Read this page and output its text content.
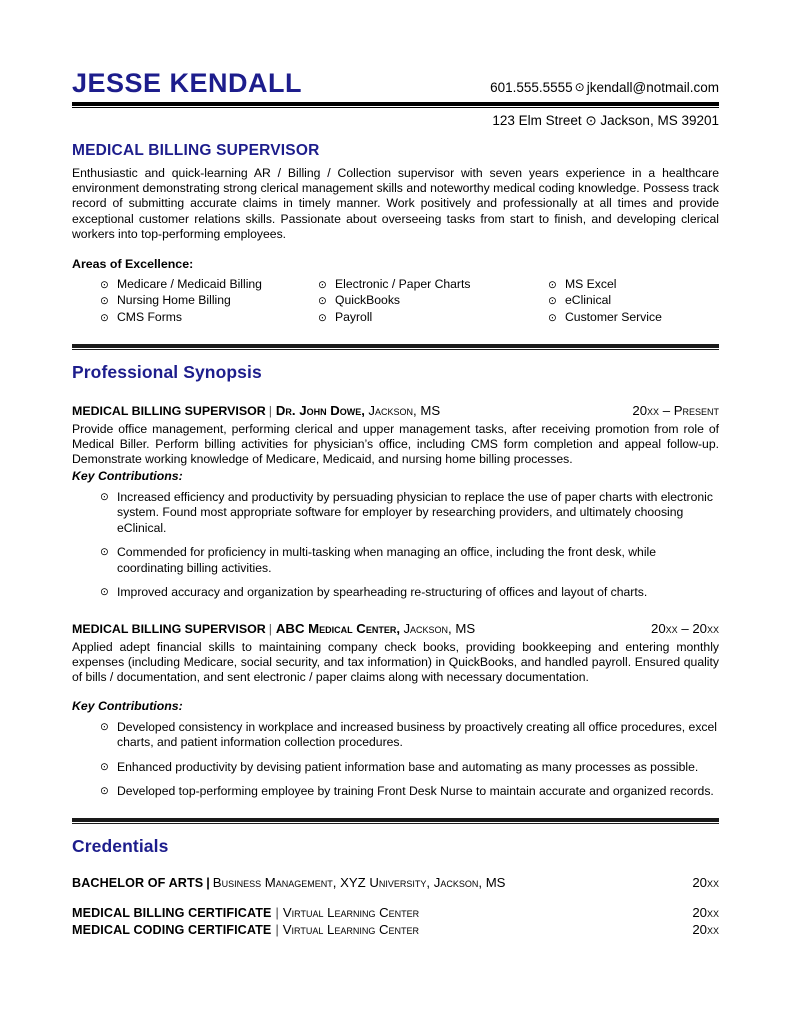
JESSE KENDALL	601.555.5555 ⊙ jkendall@notmail.com
123 Elm Street ⊙ Jackson, MS 39201
MEDICAL BILLING SUPERVISOR
Enthusiastic and quick-learning AR / Billing / Collection supervisor with seven years experience in a healthcare environment demonstrating strong clerical management skills and noteworthy medical coding knowledge. Possess track record of submitting accurate claims in timely manner. Work positively and professionally at all times and provide exceptional customer relations skills. Passionate about overseeing tasks from start to finish, and developing clerical workers into top-performing employees.
Areas of Excellence:
⊙ Medicare / Medicaid Billing	⊙ Electronic / Paper Charts	⊙ MS Excel
⊙ Nursing Home Billing	⊙ QuickBooks	⊙ eClinical
⊙ CMS Forms	⊙ Payroll	⊙ Customer Service
Professional Synopsis
MEDICAL BILLING SUPERVISOR | Dr. John Dowe, Jackson, MS	20xx – Present
Provide office management, performing clerical and upper management tasks, after receiving promotion from role of Medical Biller. Perform billing activities for physician’s office, including CMS form completion and appeal follow-up. Demonstrate working knowledge of Medicare, Medicaid, and nursing home billing processes.
Key Contributions:
⊙ Increased efficiency and productivity by persuading physician to replace the use of paper charts with electronic system. Found most appropriate software for employer by researching providers, and ultimately choosing eClinical.
⊙ Commended for proficiency in multi-tasking when managing an office, including the front desk, while coordinating billing activities.
⊙ Improved accuracy and organization by spearheading re-structuring of offices and layout of charts.
MEDICAL BILLING SUPERVISOR | ABC Medical Center, Jackson, MS	20xx – 20xx
Applied adept financial skills to maintaining company check books, providing bookkeeping and entering monthly expenses (including Medicare, social security, and tax information) in QuickBooks, and handled payroll. Ensured quality of bills / documentation, and sent electronic / paper claims along with necessary documentation.
Key Contributions:
⊙ Developed consistency in workplace and increased business by proactively creating all office procedures, excel charts, and patient information collection procedures.
⊙ Enhanced productivity by devising patient information base and automating as many processes as possible.
⊙ Developed top-performing employee by training Front Desk Nurse to maintain accurate and organized records.
Credentials
BACHELOR OF ARTS | Business Management, XYZ University, Jackson, MS	20xx
MEDICAL BILLING CERTIFICATE | Virtual Learning Center	20xx
MEDICAL CODING CERTIFICATE | Virtual Learning Center	20xx
